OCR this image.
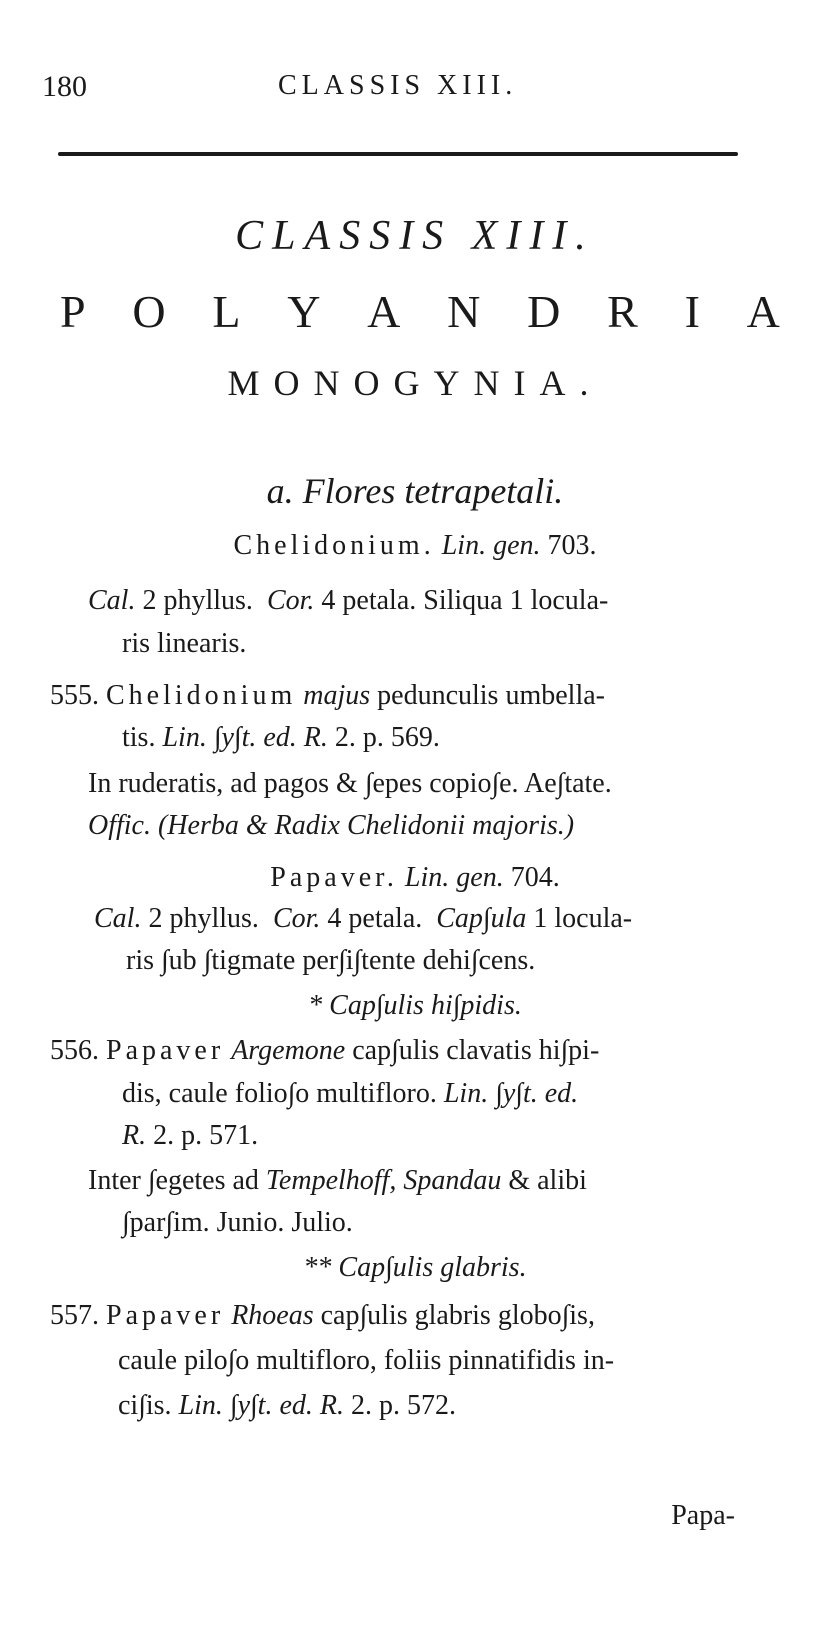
180	CLASSIS XIII.
CLASSIS XIII.
P O L Y A N D R I A
MONOGYNIA.
a. Flores tetrapetali.
Chelidonium. Lin. gen. 703.
Cal. 2 phyllus. Cor. 4 petala. Siliqua 1 locula-
ris linearis.
555. Chelidonium majus pedunculis umbella-
tis. Lin. ∫y∫t. ed. R. 2. p. 569.
In ruderatis, ad pagos & ∫epes copio∫e. Ae∫tate.
Offic. (Herba & Radix Chelidonii majoris.)
Papaver. Lin. gen. 704.
Cal. 2 phyllus. Cor. 4 petala. Cap∫ula 1 locula-
ris ∫ub ∫tigmate per∫i∫tente dehi∫cens.
* Cap∫ulis hi∫pidis.
556. Papaver Argemone cap∫ulis clavatis hi∫pi-
dis, caule folio∫o multifloro. Lin. ∫y∫t. ed.
R. 2. p. 571.
Inter ∫egetes ad Tempelhoff, Spandau & alibi
∫par∫im. Junio. Julio.
** Cap∫ulis glabris.
557. Papaver Rhoeas cap∫ulis glabris globo∫is,
caule pilo∫o multifloro, foliis pinnatifidis in-
ci∫is. Lin. ∫y∫t. ed. R. 2. p. 572.
Papa-
